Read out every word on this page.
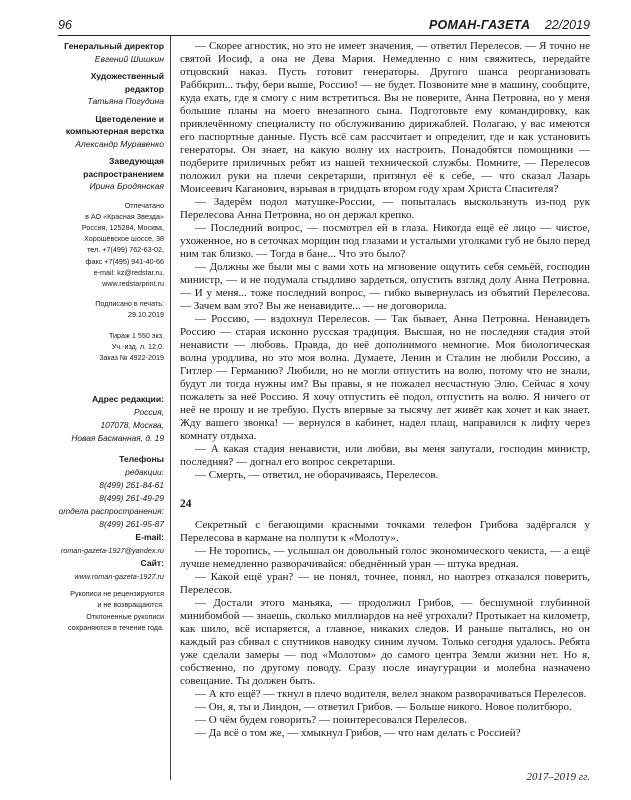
96	РОМАН-ГАЗЕТА 22/2019
Генеральный директор
Евгений Шишкин
Художественный редактор
Татьяна Погудина
Цветоделение и компьютерная верстка
Александр Муравенко
Заведующая распространением
Ирина Бродянская
Отпечатано
в АО «Красная Звезда»
Россия, 125284, Москва,
Хорошёвское шоссе, 38
тел. +7(499) 762-63-02,
факс +7(495) 941-40-66
e-mail: kz@redstar.ru,
www.redstarprint.ru
Подписано в печать:
29.10.2019
Тираж 1 550 экз.
Уч.-изд. л. 12,0.
Заказ № 4922-2019
Адрес редакции:
Россия,
107078, Москва,
Новая Басманная, д. 19
Телефоны
редакции:
8(499) 261-84-61
8(499) 261-49-29
отдела распространения:
8(499) 261-95-87
E-mail:
roman-gazeta-1927@yandex.ru
Сайт:
www.roman-gazeta-1927.ru
Рукописи не рецензируются
и не возвращаются.
Отклоненные рукописи
сохраняются в течение года.

— Скорее агностик, но это не имеет значения, — ответил Перелесов. — Я точно не святой Иосиф, а она не Дева Мария. Немедленно с ним свяжитесь, передайте отцовский наказ. Пусть готовит генераторы. Другого шанса реорганизовать Раббкрип... тьфу, бери выше, Россию! — не будет. Позвоните мне в машину, сообщите, куда ехать, где я смогу с ним встретиться. Вы не поверите, Анна Петровна, но у меня большие планы на моего внезапного сына. Подготовьте ему командировку, как привлечённому специалисту по обслуживанию дирижаблей. Полагаю, у вас имеются его паспортные данные. Пусть всё сам рассчитает и определит, где и как установить генераторы. Он знает, на какую волну их настроить. Понадобятся помощники — подберите приличных ребят из нашей технической службы. Помните, — Перелесов положил руки на плечи секретарши, притянул её к себе, — что сказал Лазарь Моисеевич Каганович, взрывая в тридцать втором году храм Христа Спасителя?

— Задерём подол матушке-России, — попыталась выскользнуть из-под рук Перелесова Анна Петровна, но он держал крепко.

— Последний вопрос, — посмотрел ей в глаза. Никогда ещё её лицо — чистое, ухоженное, но в сеточках морщин под глазами и усталыми уголками губ не было перед ним так близко. — Тогда в бане... Что это было?

— Должны же были мы с вами хоть на мгновение ощутить себя семьёй, господин министр, — и не подумала стыдливо зардеться, опустить взгляд долу Анна Петровна. — И у меня... тоже последний вопрос, — гибко вывернулась из объятий Перелесова. — Зачем вам это? Вы же ненавидите... — не договорила.

— Россию, — вздохнул Перелесов. — Так бывает, Анна Петровна. Ненавидеть Россию — старая исконно русская традиция. Высшая, но не последняя стадия этой ненависти — любовь. Правда, до неё дополнимого немногие. Моя биологическая волна уродлива, но это моя волна. Думаете, Ленин и Сталин не любили Россию, а Гитлер — Германию? Любили, но не могли отпустить на волю, потому что не знали, будут ли тогда нужны им? Вы правы, я не пожалел несчастную Элю. Сейчас я хочу пожалеть за неё Россию. Я хочу отпустить её подол, отпустить на волю. Я ничего от неё не прошу и не требую. Пусть впервые за тысячу лет живёт как хочет и как знает. Жду вашего звонка! — вернулся в кабинет, надел плащ, направился к лифту через комнату отдыха.

— А какая стадия ненависти, или любви, вы меня запутали, господин министр, последняя? — догнал его вопрос секретарши.

— Смерть, — ответил, не оборачиваясь, Перелесов.

24

Секретный с бегающими красными точками телефон Грибова задёргался у Перелесова в кармане на полпути к «Молоту».

— Не торопись, — услышал он довольный голос экономического чекиста, — а ещё лучше немедленно разворачивайся: обеднённый уран — штука вредная.

— Какой ещё уран? — не понял, точнее, понял, но наотрез отказался поверить, Перелесов.

— Достали этого маньяка, — продолжил Грибов, — бесшумной глубинной минибомбой — знаешь, сколько миллиардов на неё угрохали? Протыкает на километр, как шило, всё испаряется, а главное, никаких следов. И раньше пытались, но он каждый раз сбивал с спутников наводку синим лучом. Только сегодня удалось. Ребята уже сделали замеры — под «Молотом» до самого центра Земли жизни нет. Но я, собственно, по другому поводу. Сразу после инаугурации и молебна назначено совещание. Ты должен быть.

— А кто ещё? — ткнул в плечо водителя, велел знаком разворачиваться Перелесов.

— Он, я, ты и Линдон, — ответил Грибов. — Больше никого. Новое политбюро.

— О чём будем говорить? — поинтересовался Перелесов.

— Да всё о том же, — хмыкнул Грибов, — что нам делать с Россией?

2017–2019 гг.
